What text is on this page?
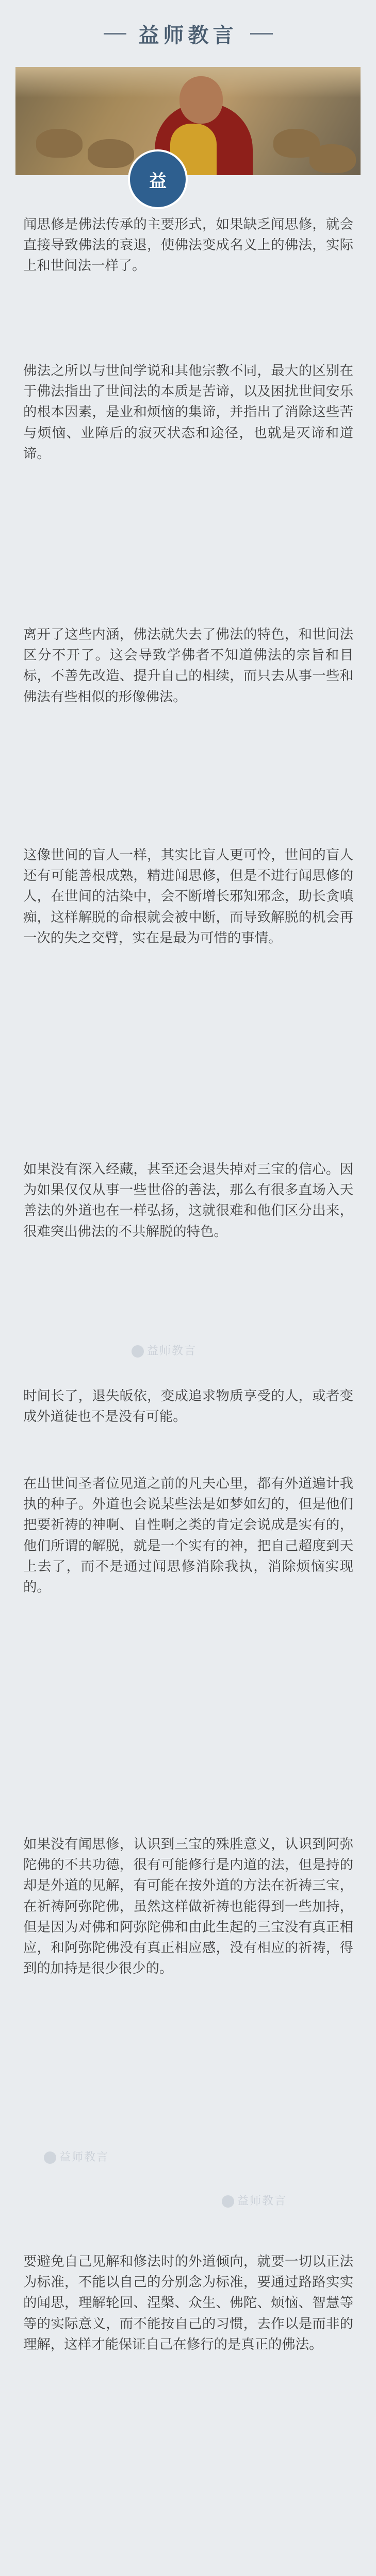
益师教言
益

闻思修是佛法传承的主要形式，如果缺乏闻思修，就会直接导致佛法的衰退，使佛法变成名义上的佛法，实际上和世间法一样了。

佛法之所以与世间学说和其他宗教不同，最大的区别在于佛法指出了世间法的本质是苦谛，以及困扰世间安乐的根本因素，是业和烦恼的集谛，并指出了消除这些苦与烦恼、业障后的寂灭状态和途径，也就是灭谛和道谛。

离开了这些内涵，佛法就失去了佛法的特色，和世间法区分不开了。这会导致学佛者不知道佛法的宗旨和目标，不善先改造、提升自己的相续，而只去从事一些和佛法有些相似的形像佛法。

这像世间的盲人一样，其实比盲人更可怜，世间的盲人还有可能善根成熟，精进闻思修，但是不进行闻思修的人，在世间的沽染中，会不断增长邪知邪念，助长贪嗔痴，这样解脱的命根就会被中断，而导致解脱的机会再一次的失之交臂，实在是最为可惜的事情。

如果没有深入经藏，甚至还会退失掉对三宝的信心。因为如果仅仅从事一些世俗的善法，那么有很多直场入天善法的外道也在一样弘扬，这就很难和他们区分出来，很难突出佛法的不共解脱的特色。

时间长了，退失皈依，变成追求物质享受的人，或者变成外道徒也不是没有可能。

在出世间圣者位见道之前的凡夫心里，都有外道遍计我执的种子。外道也会说某些法是如梦如幻的，但是他们把要祈祷的神啊、自性啊之类的肯定会说成是实有的，他们所谓的解脱，就是一个实有的神，把自己超度到天上去了，而不是通过闻思修消除我执，消除烦恼实现的。

如果没有闻思修，认识到三宝的殊胜意义，认识到阿弥陀佛的不共功德，很有可能修行是内道的法，但是持的却是外道的见解，有可能在按外道的方法在祈祷三宝，在祈祷阿弥陀佛，虽然这样做祈祷也能得到一些加持，但是因为对佛和阿弥陀佛和由此生起的三宝没有真正相应，和阿弥陀佛没有真正相应感，没有相应的祈祷，得到的加持是很少很少的。

要避免自己见解和修法时的外道倾向，就要一切以正法为标准，不能以自己的分别念为标准，要通过路路实实的闻思，理解轮回、涅槃、众生、佛陀、烦恼、智慧等等的实际意义，而不能按自己的习惯，去作以是而非的理解，这样才能保证自己在修行的是真正的佛法。

益师教言
益师教言
益师教言
